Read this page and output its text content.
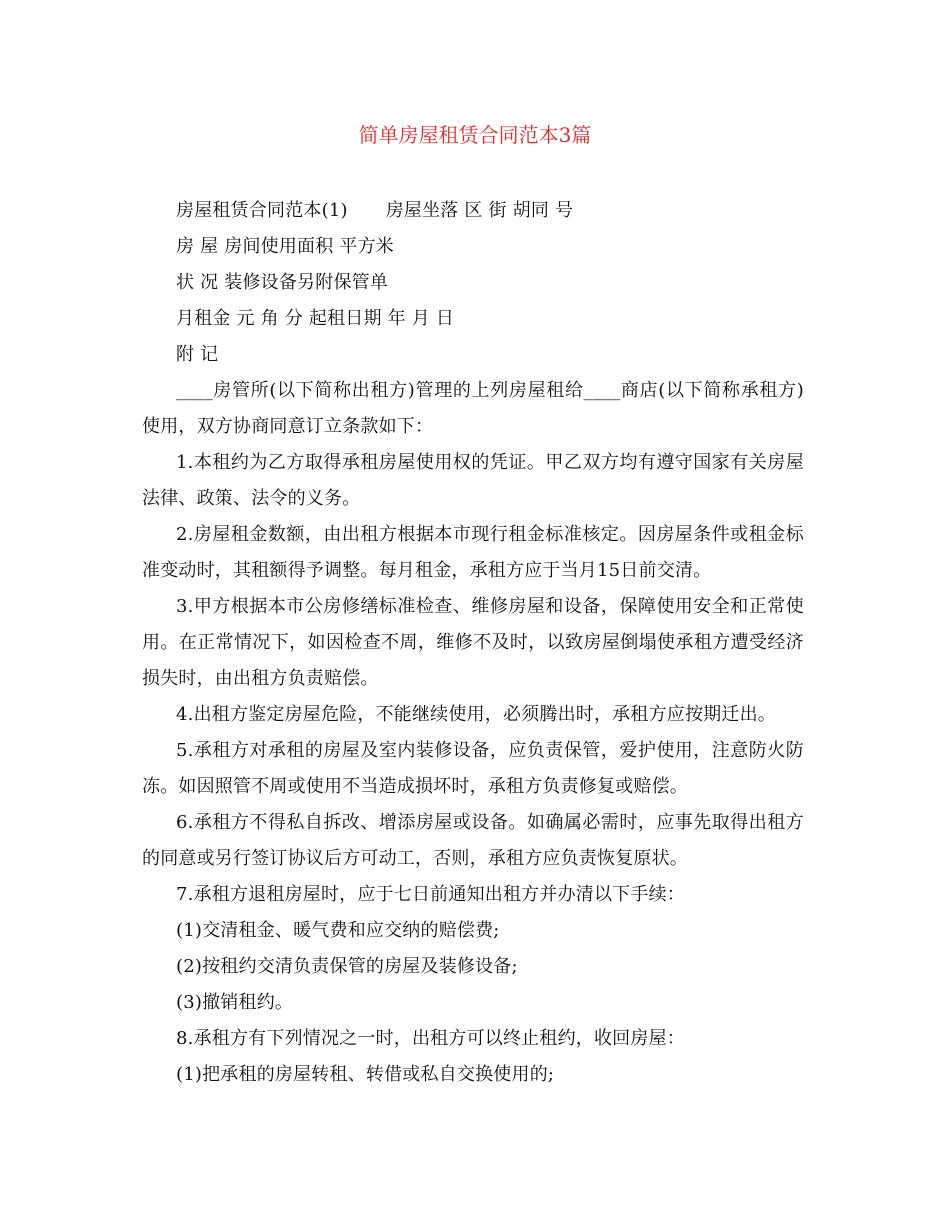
简单房屋租赁合同范本3篇

房屋租赁合同范本(1) 房屋坐落 区 街 胡同 号

房 屋 房间使用面积 平方米

状 况 装修设备另附保管单

月租金 元 角 分 起租日期 年 月 日

附 记

____房管所(以下简称出租方)管理的上列房屋租给____商店(以下简称承租方)使用，双方协商同意订立条款如下：

1.本租约为乙方取得承租房屋使用权的凭证。甲乙双方均有遵守国家有关房屋法律、政策、法令的义务。

2.房屋租金数额，由出租方根据本市现行租金标准核定。因房屋条件或租金标准变动时，其租额得予调整。每月租金，承租方应于当月15日前交清。

3.甲方根据本市公房修缮标准检查、维修房屋和设备，保障使用安全和正常使用。在正常情况下，如因检查不周，维修不及时，以致房屋倒塌使承租方遭受经济损失时，由出租方负责赔偿。

4.出租方鉴定房屋危险，不能继续使用，必须腾出时，承租方应按期迁出。

5.承租方对承租的房屋及室内装修设备，应负责保管，爱护使用，注意防火防冻。如因照管不周或使用不当造成损坏时，承租方负责修复或赔偿。

6.承租方不得私自拆改、增添房屋或设备。如确属必需时，应事先取得出租方的同意或另行签订协议后方可动工，否则，承租方应负责恢复原状。

7.承租方退租房屋时，应于七日前通知出租方并办清以下手续：

(1)交清租金、暖气费和应交纳的赔偿费;

(2)按租约交清负责保管的房屋及装修设备;

(3)撤销租约。

8.承租方有下列情况之一时，出租方可以终止租约，收回房屋：

(1)把承租的房屋转租、转借或私自交换使用的;
